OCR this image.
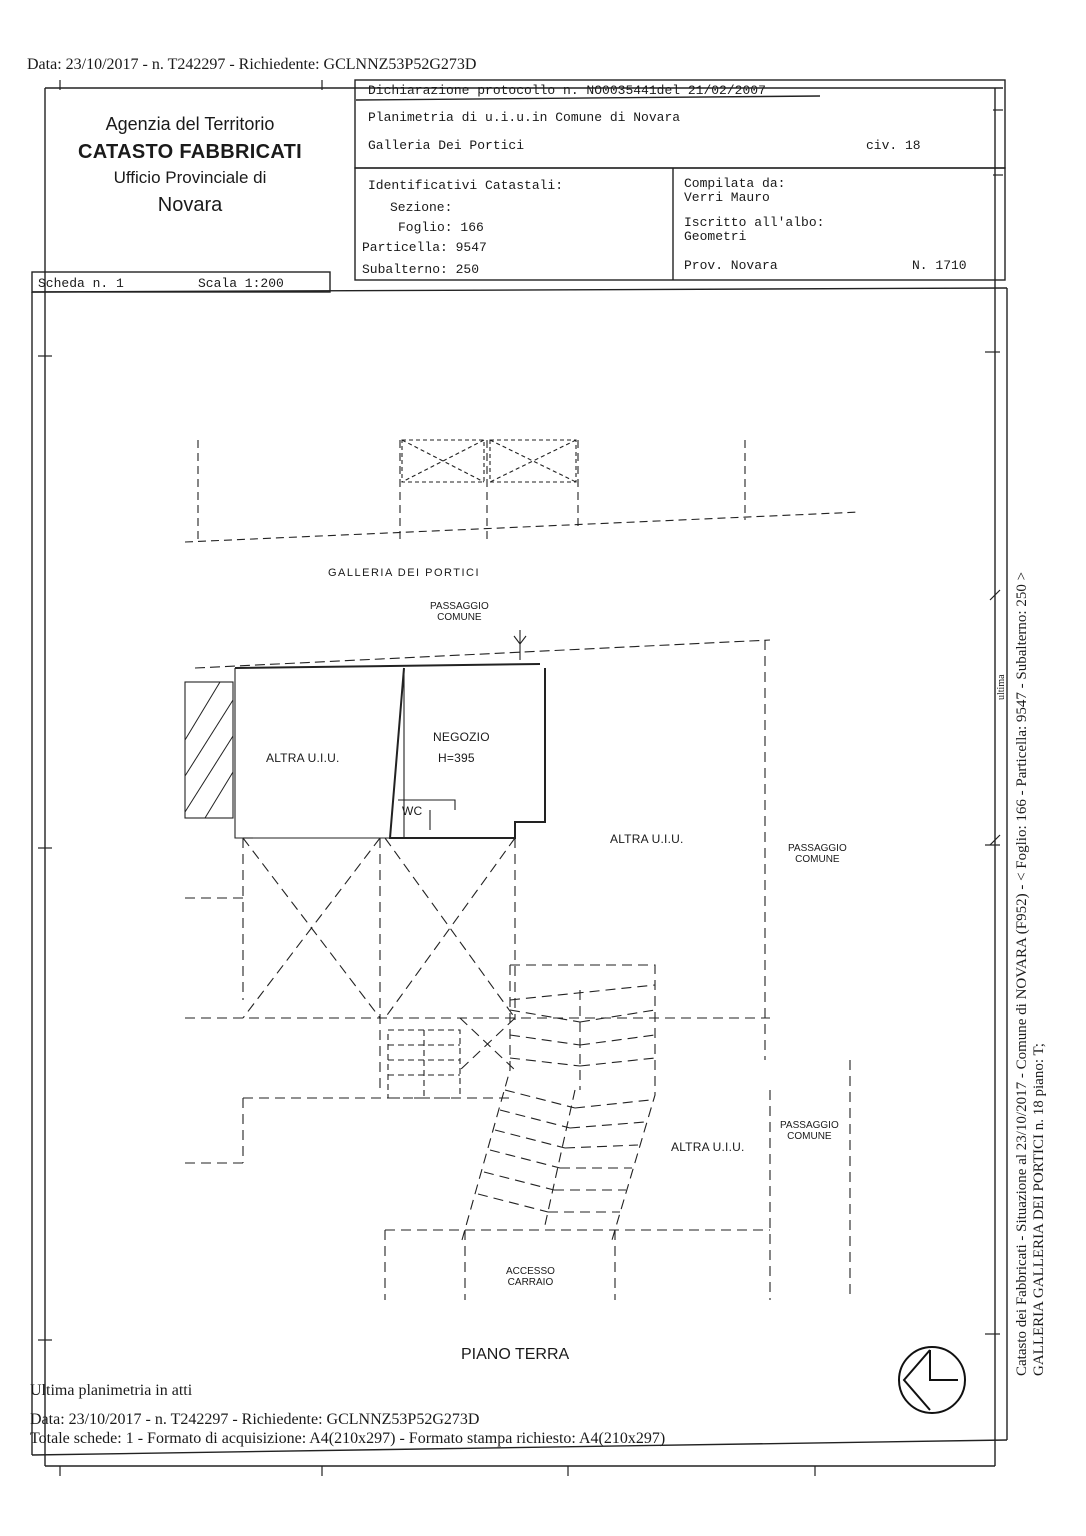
Data: 23/10/2017 - n. T242297 - Richiedente: GCLNNZ53P52G273D
Agenzia del Territorio
CATASTO FABBRICATI
Ufficio Provinciale di
Novara
Dichiarazione protocollo n. NO0035441del 21/02/2007
Planimetria di u.i.u.in Comune di Novara
Galleria Dei Portici	civ. 18
Identificativi Catastali:
Sezione:
Foglio: 166
Particella: 9547
Subalterno: 250
Compilata da:
Verri Mauro
Iscritto all'albo:
Geometri
Prov. Novara	N. 1710
Scheda n. 1	Scala 1:200
GALLERIA DEI PORTICI
PASSAGGIO
COMUNE
NEGOZIO
H=395
ALTRA U.I.U.
WC
ALTRA U.I.U.
PASSAGGIO
COMUNE
PASSAGGIO
COMUNE
ALTRA U.I.U.
ACCESSO
CARRAIO
PIANO TERRA
ultima
Ultima planimetria in atti
Data: 23/10/2017 - n. T242297 - Richiedente: GCLNNZ53P52G273D
Totale schede: 1 - Formato di acquisizione: A4(210x297) - Formato stampa richiesto: A4(210x297)
Catasto dei Fabbricati - Situazione al 23/10/2017 - Comune di NOVARA (F952) - < Foglio: 166 - Particella: 9547 - Subalterno: 250 > GALLERIA GALLERIA DEI PORTICI n. 18 piano: T;
